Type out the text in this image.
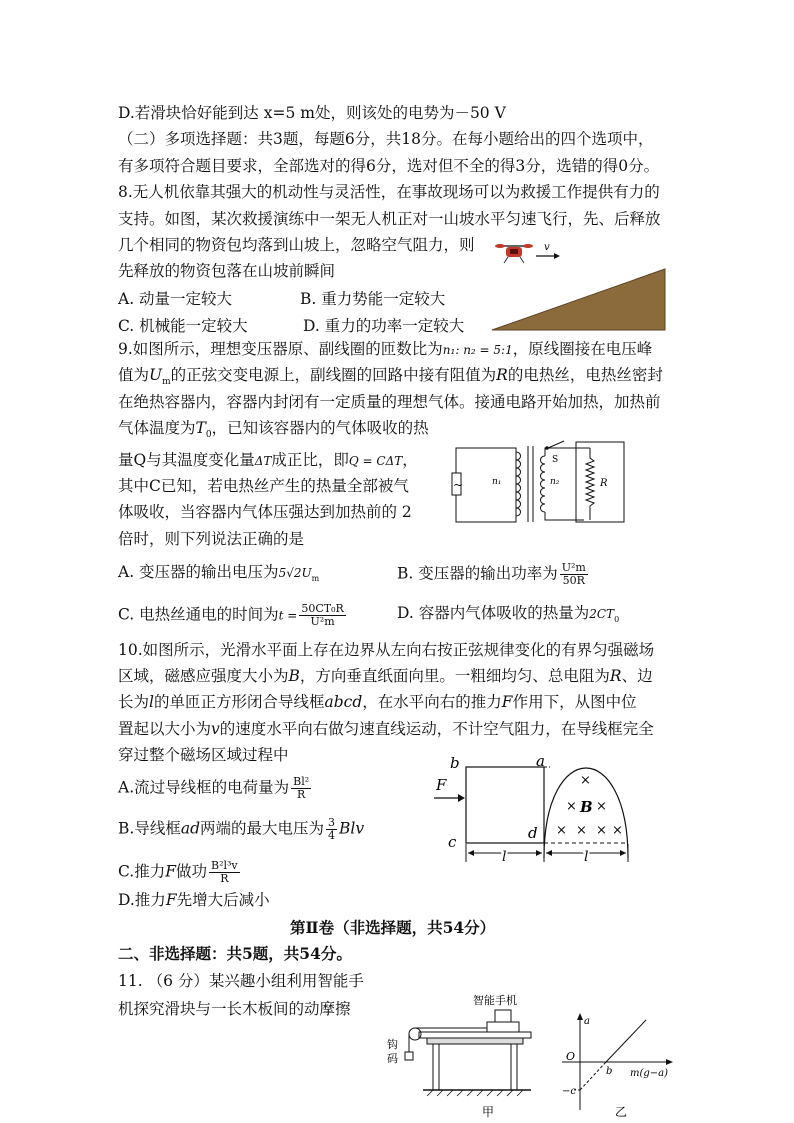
D.若滑块恰好能到达 x=5 m处，则该处的电势为－50 V
（二）多项选择题：共3题，每题6分，共18分。在每小题给出的四个选项中，
有多项符合题目要求，全部选对的得6分，选对但不全的得3分，选错的得0分。
8.无人机依靠其强大的机动性与灵活性，在事故现场可以为救援工作提供有力的
支持。如图，某次救援演练中一架无人机正对一山坡水平匀速飞行，先、后释放
几个相同的物资包均落到山坡上，忽略空气阻力，则
先释放的物资包落在山坡前瞬间
A. 动量一定较大	B. 重力势能一定较大
C. 机械能一定较大	D. 重力的功率一定较大
v
9.如图所示，理想变压器原、副线圈的匝数比为n₁: n₂ = 5:1，原线圈接在电压峰
值为$U_m$的正弦交变电源上，副线圈的回路中接有阻值为R的电热丝，电热丝密封
在绝热容器内，容器内封闭有一定质量的理想气体。接通电路开始加热，加热前
气体温度为$T_0$，已知该容器内的气体吸收的热
量Q与其温度变化量ΔT成正比，即Q = CΔT，
其中C已知，若电热丝产生的热量全部被气
体吸收，当容器内气体压强达到加热前的 2
倍时，则下列说法正确的是
~	n₁	n₂
S
R
A. 变压器的输出电压为$5√2U_m$	B. 变压器的输出功率为 $\frac{\text{U²m}}{50R}$
C. 电热丝通电的时间为$t = \frac{\text{50CT₀R}}{\text{U²m}}$	D. 容器内气体吸收的热量为$2CT_0$
10.如图所示，光滑水平面上存在边界从左向右按正弦规律变化的有界匀强磁场
区域，磁感应强度大小为B，方向垂直纸面向里。一粗细均匀、总电阻为R、边
长为l的单匝正方形闭合导线框abcd，在水平向右的推力F作用下，从图中位
置起以大小为v的速度水平向右做匀速直线运动，不计空气阻力，在导线框完全
穿过整个磁场区域过程中
A.流过导线框的电荷量为 $\frac{\text{Bl²}}{R}$
B.导线框ad两端的最大电压为 $\frac{3}{4}$ Blv
C.推力F做功 $\frac{\text{B²l³v}}{R}$
D.推力F先增大后减小
b	a
c	d
F	×
× B ×
× × × ×
l	l
第Ⅱ卷（非选择题，共54分）
二、非选择题：共5题，共54分。
11. （6 分）某兴趣小组利用智能手
机探究滑块与一长木板间的动摩擦	智能手机
钩
码
甲
a
O
b
−c
m(g−a)
乙
